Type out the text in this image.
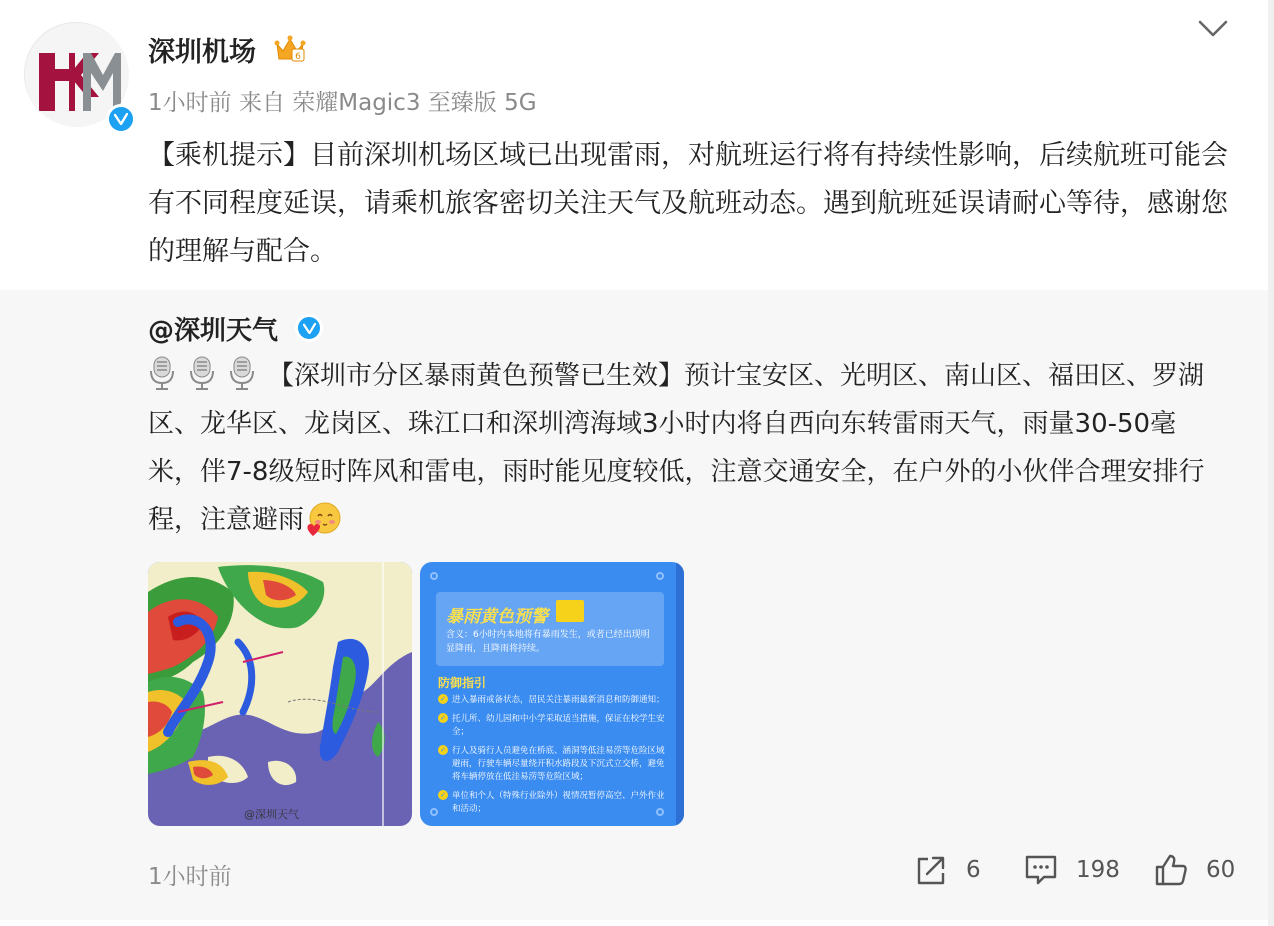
深圳机场	6
1小时前 来自 荣耀Magic3 至臻版 5G
【乘机提示】目前深圳机场区域已出现雷雨，对航班运行将有持续性影响，后续航班可能会有不同程度延误，请乘机旅客密切关注天气及航班动态。遇到航班延误请耐心等待，感谢您的理解与配合。
@深圳天气
【深圳市分区暴雨黄色预警已生效】预计宝安区、光明区、南山区、福田区、罗湖区、龙华区、龙岗区、珠江口和深圳湾海域3小时内将自西向东转雷雨天气，雨量30-50毫米，伴7-8级短时阵风和雷电，雨时能见度较低，注意交通安全，在户外的小伙伴合理安排行程，注意避雨
@深圳天气
暴雨黄色预警
含义：6小时内本地将有暴雨发生，或者已经出现明显降雨，且降雨将持续。
防御指引
✓ 进入暴雨戒备状态，居民关注暴雨最新消息和防御通知；
✓ 托儿所、幼儿园和中小学采取适当措施，保证在校学生安全；
✓ 行人及骑行人员避免在桥底、涵洞等低洼易涝等危险区域避雨，行驶车辆尽量绕开积水路段及下沉式立交桥，避免将车辆停放在低洼易涝等危险区域；
✓ 单位和个人（特殊行业除外）视情况暂停高空、户外作业和活动；
1小时前	6	198	60
